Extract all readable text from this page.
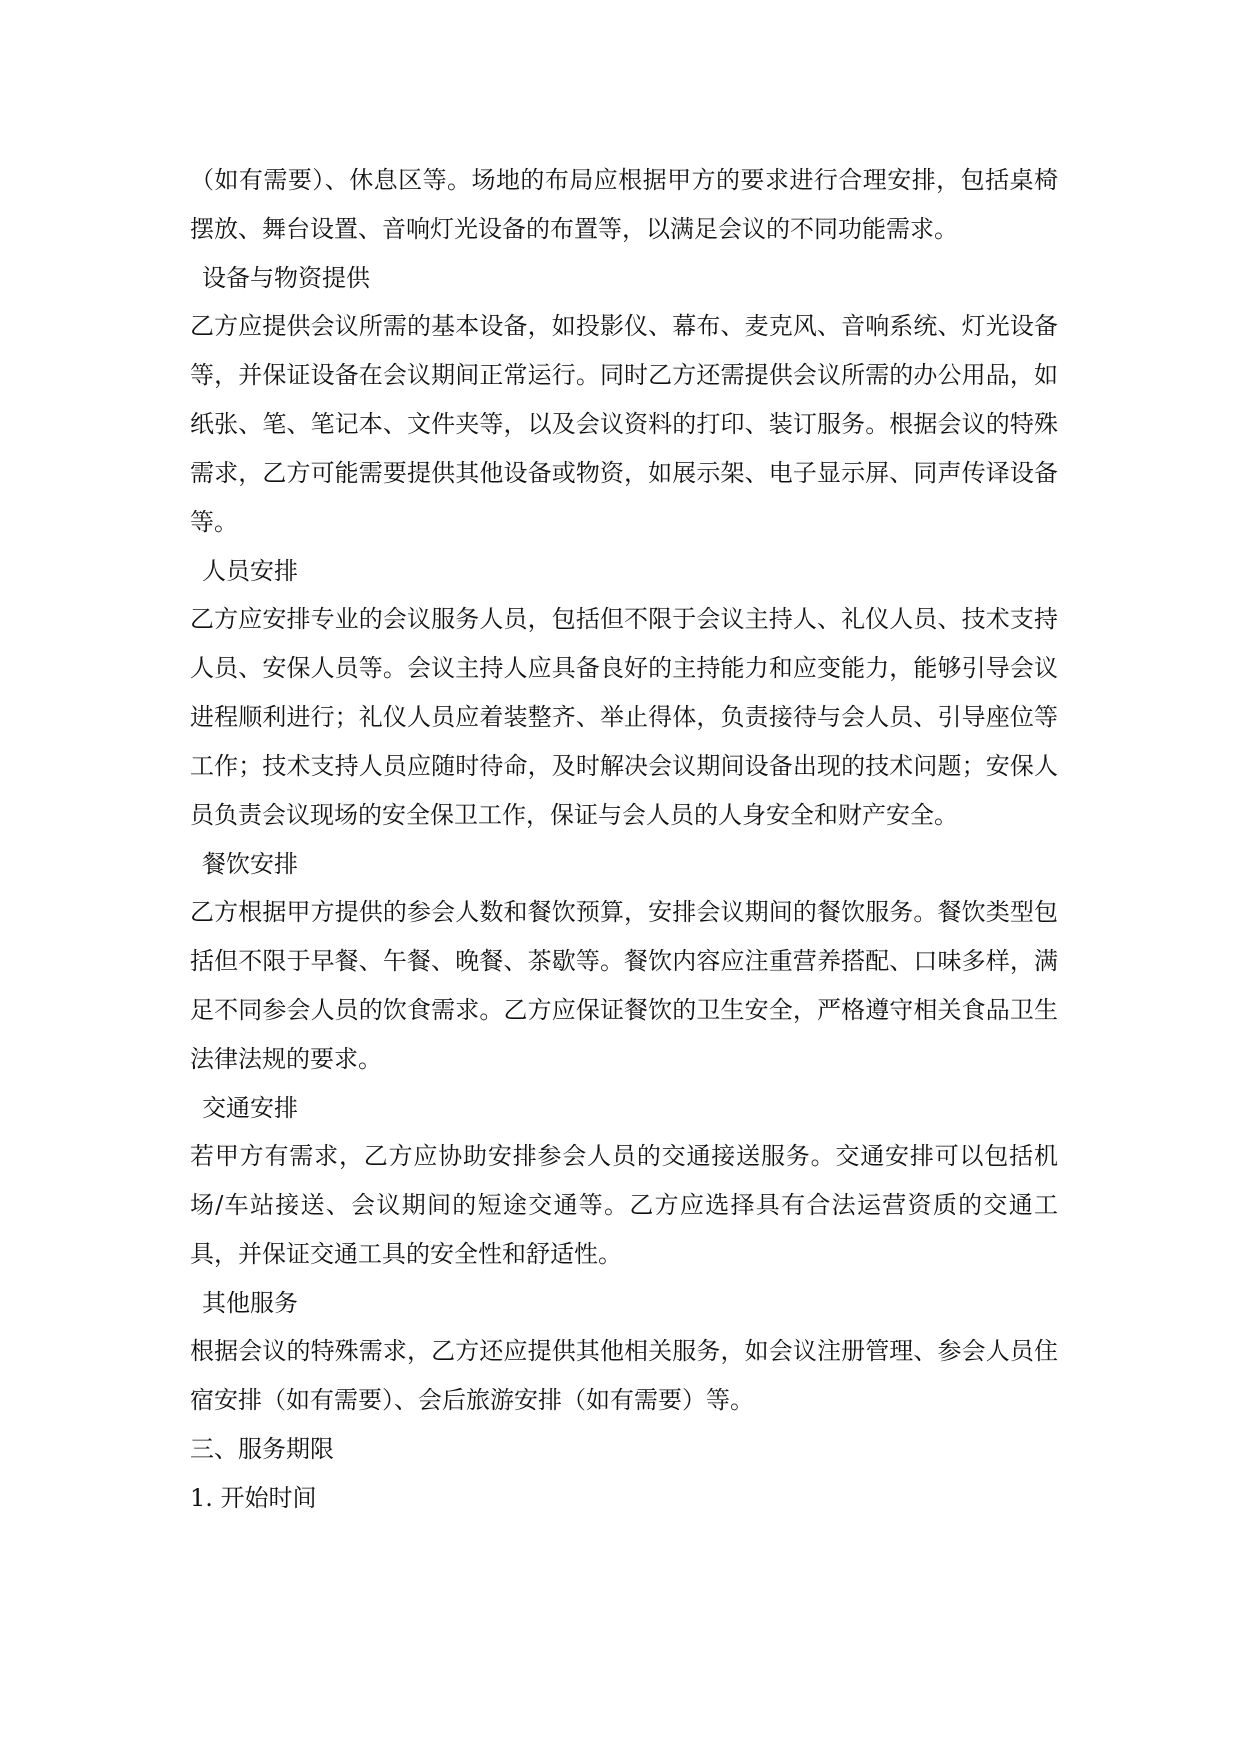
（如有需要）、休息区等。场地的布局应根据甲方的要求进行合理安排，包括桌椅摆放、舞台设置、音响灯光设备的布置等，以满足会议的不同功能需求。

设备与物资提供

乙方应提供会议所需的基本设备，如投影仪、幕布、麦克风、音响系统、灯光设备等，并保证设备在会议期间正常运行。同时乙方还需提供会议所需的办公用品，如纸张、笔、笔记本、文件夹等，以及会议资料的打印、装订服务。根据会议的特殊需求，乙方可能需要提供其他设备或物资，如展示架、电子显示屏、同声传译设备等。

人员安排

乙方应安排专业的会议服务人员，包括但不限于会议主持人、礼仪人员、技术支持人员、安保人员等。会议主持人应具备良好的主持能力和应变能力，能够引导会议进程顺利进行；礼仪人员应着装整齐、举止得体，负责接待与会人员、引导座位等工作；技术支持人员应随时待命，及时解决会议期间设备出现的技术问题；安保人员负责会议现场的安全保卫工作，保证与会人员的人身安全和财产安全。

餐饮安排

乙方根据甲方提供的参会人数和餐饮预算，安排会议期间的餐饮服务。餐饮类型包括但不限于早餐、午餐、晚餐、茶歇等。餐饮内容应注重营养搭配、口味多样，满足不同参会人员的饮食需求。乙方应保证餐饮的卫生安全，严格遵守相关食品卫生法律法规的要求。

交通安排

若甲方有需求，乙方应协助安排参会人员的交通接送服务。交通安排可以包括机场/车站接送、会议期间的短途交通等。乙方应选择具有合法运营资质的交通工具，并保证交通工具的安全性和舒适性。

其他服务

根据会议的特殊需求，乙方还应提供其他相关服务，如会议注册管理、参会人员住宿安排（如有需要）、会后旅游安排（如有需要）等。

三、服务期限

1. 开始时间
